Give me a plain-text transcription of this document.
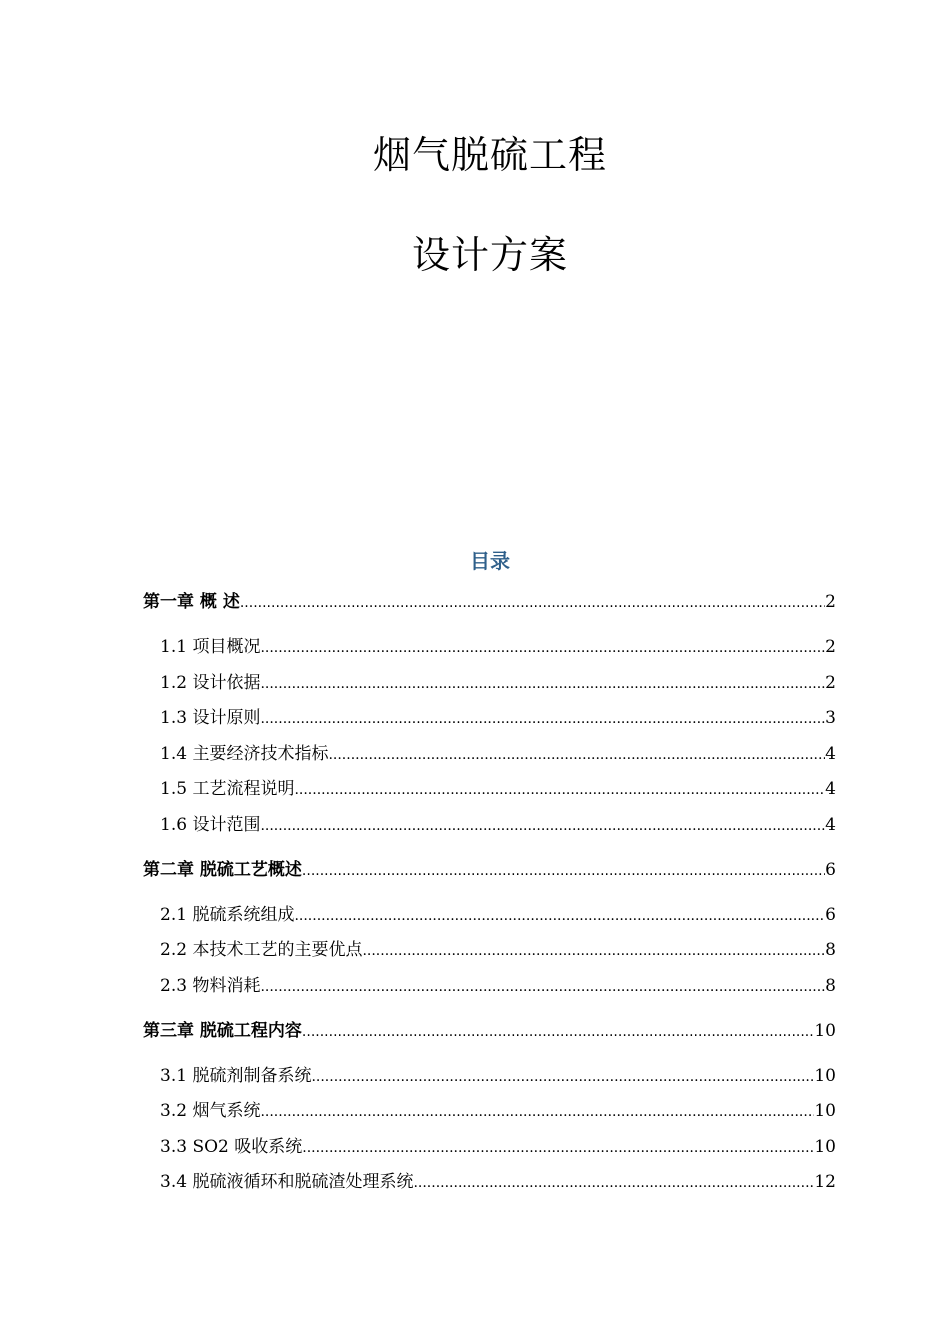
烟气脱硫工程
设计方案
目录
第一章 概 述 .....	2
1.1 项目概况 .....	2
1.2 设计依据 .....	2
1.3 设计原则 .....	3
1.4 主要经济技术指标 .....	4
1.5 工艺流程说明 .....	4
1.6 设计范围 .....	4
第二章 脱硫工艺概述 .....	6
2.1 脱硫系统组成 .....	6
2.2 本技术工艺的主要优点 .....	8
2.3 物料消耗 .....	8
第三章 脱硫工程内容 .....	10
3.1 脱硫剂制备系统 .....	10
3.2 烟气系统 .....	10
3.3 SO2 吸收系统 .....	10
3.4 脱硫液循环和脱硫渣处理系统 .....	12
